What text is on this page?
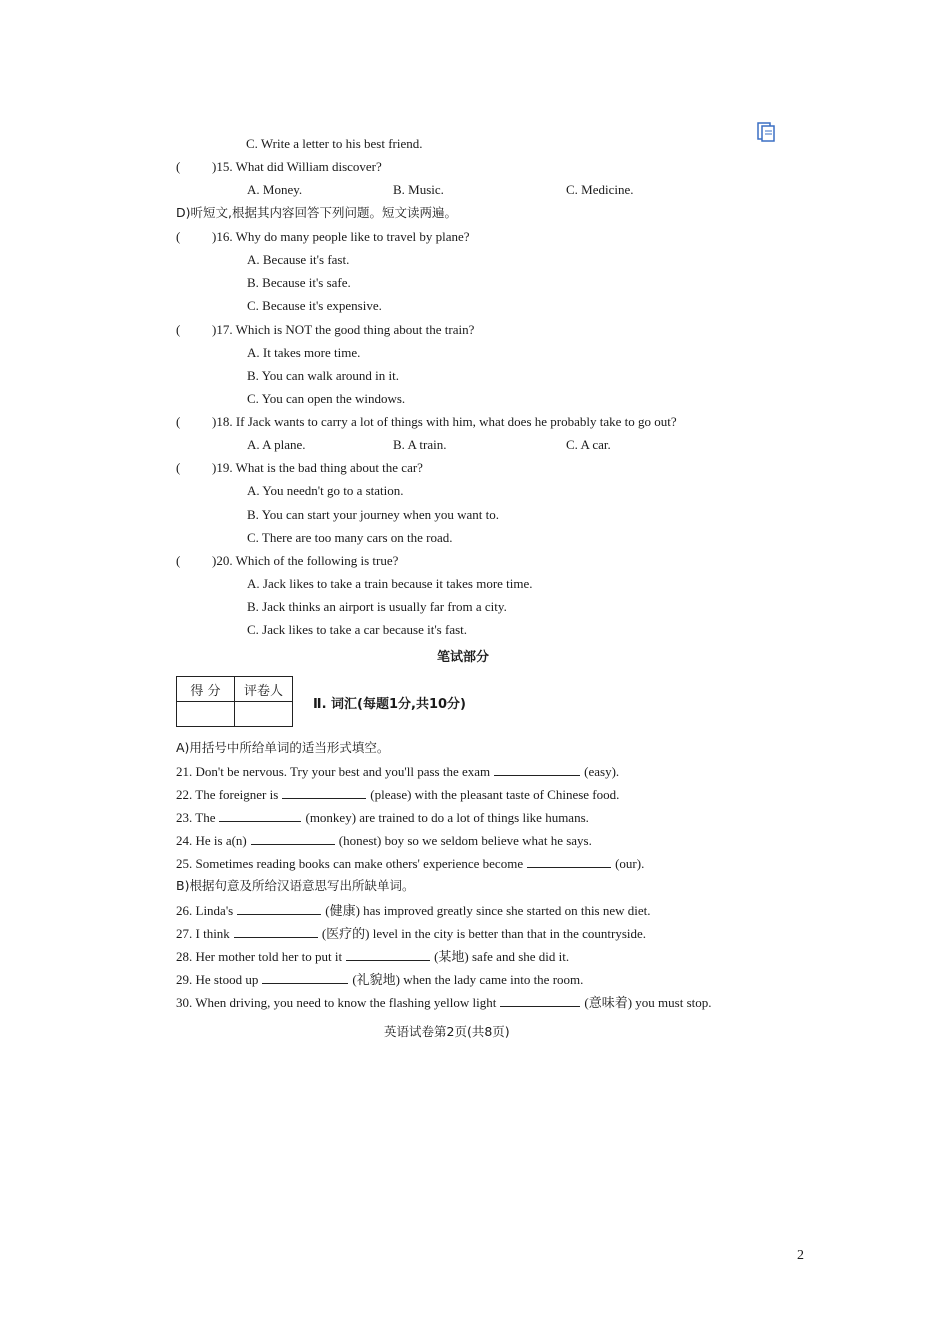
C. Write a letter to his best friend.
( )15. What did William discover?
A. Money.	B. Music.	C. Medicine.
D)听短文,根据其内容回答下列问题。短文读两遍。
( )16. Why do many people like to travel by plane?
A. Because it's fast.
B. Because it's safe.
C. Because it's expensive.
( )17. Which is NOT the good thing about the train?
A. It takes more time.
B. You can walk around in it.
C. You can open the windows.
( )18. If Jack wants to carry a lot of things with him, what does he probably take to go out?
A. A plane.	B. A train.	C. A car.
( )19. What is the bad thing about the car?
A. You needn't go to a station.
B. You can start your journey when you want to.
C. There are too many cars on the road.
( )20. Which of the following is true?
A. Jack likes to take a train because it takes more time.
B. Jack thinks an airport is usually far from a city.
C. Jack likes to take a car because it's fast.
笔试部分
得 分	评卷人

Ⅱ. 词汇(每题1分,共10分)
A)用括号中所给单词的适当形式填空。
21. Don't be nervous. Try your best and you'll pass the exam	(easy).
22. The foreigner is	(please) with the pleasant taste of Chinese food.
23. The	(monkey) are trained to do a lot of things like humans.
24. He is a(n)	(honest) boy so we seldom believe what he says.
25. Sometimes reading books can make others' experience become	(our).
B)根据句意及所给汉语意思写出所缺单词。
26. Linda's	(健康) has improved greatly since she started on this new diet.
27. I think	(医疗的) level in the city is better than that in the countryside.
28. Her mother told her to put it	(某地) safe and she did it.
29. He stood up	(礼貌地) when the lady came into the room.
30. When driving, you need to know the flashing yellow light	(意味着) you must stop.
英语试卷第2页(共8页)
2
